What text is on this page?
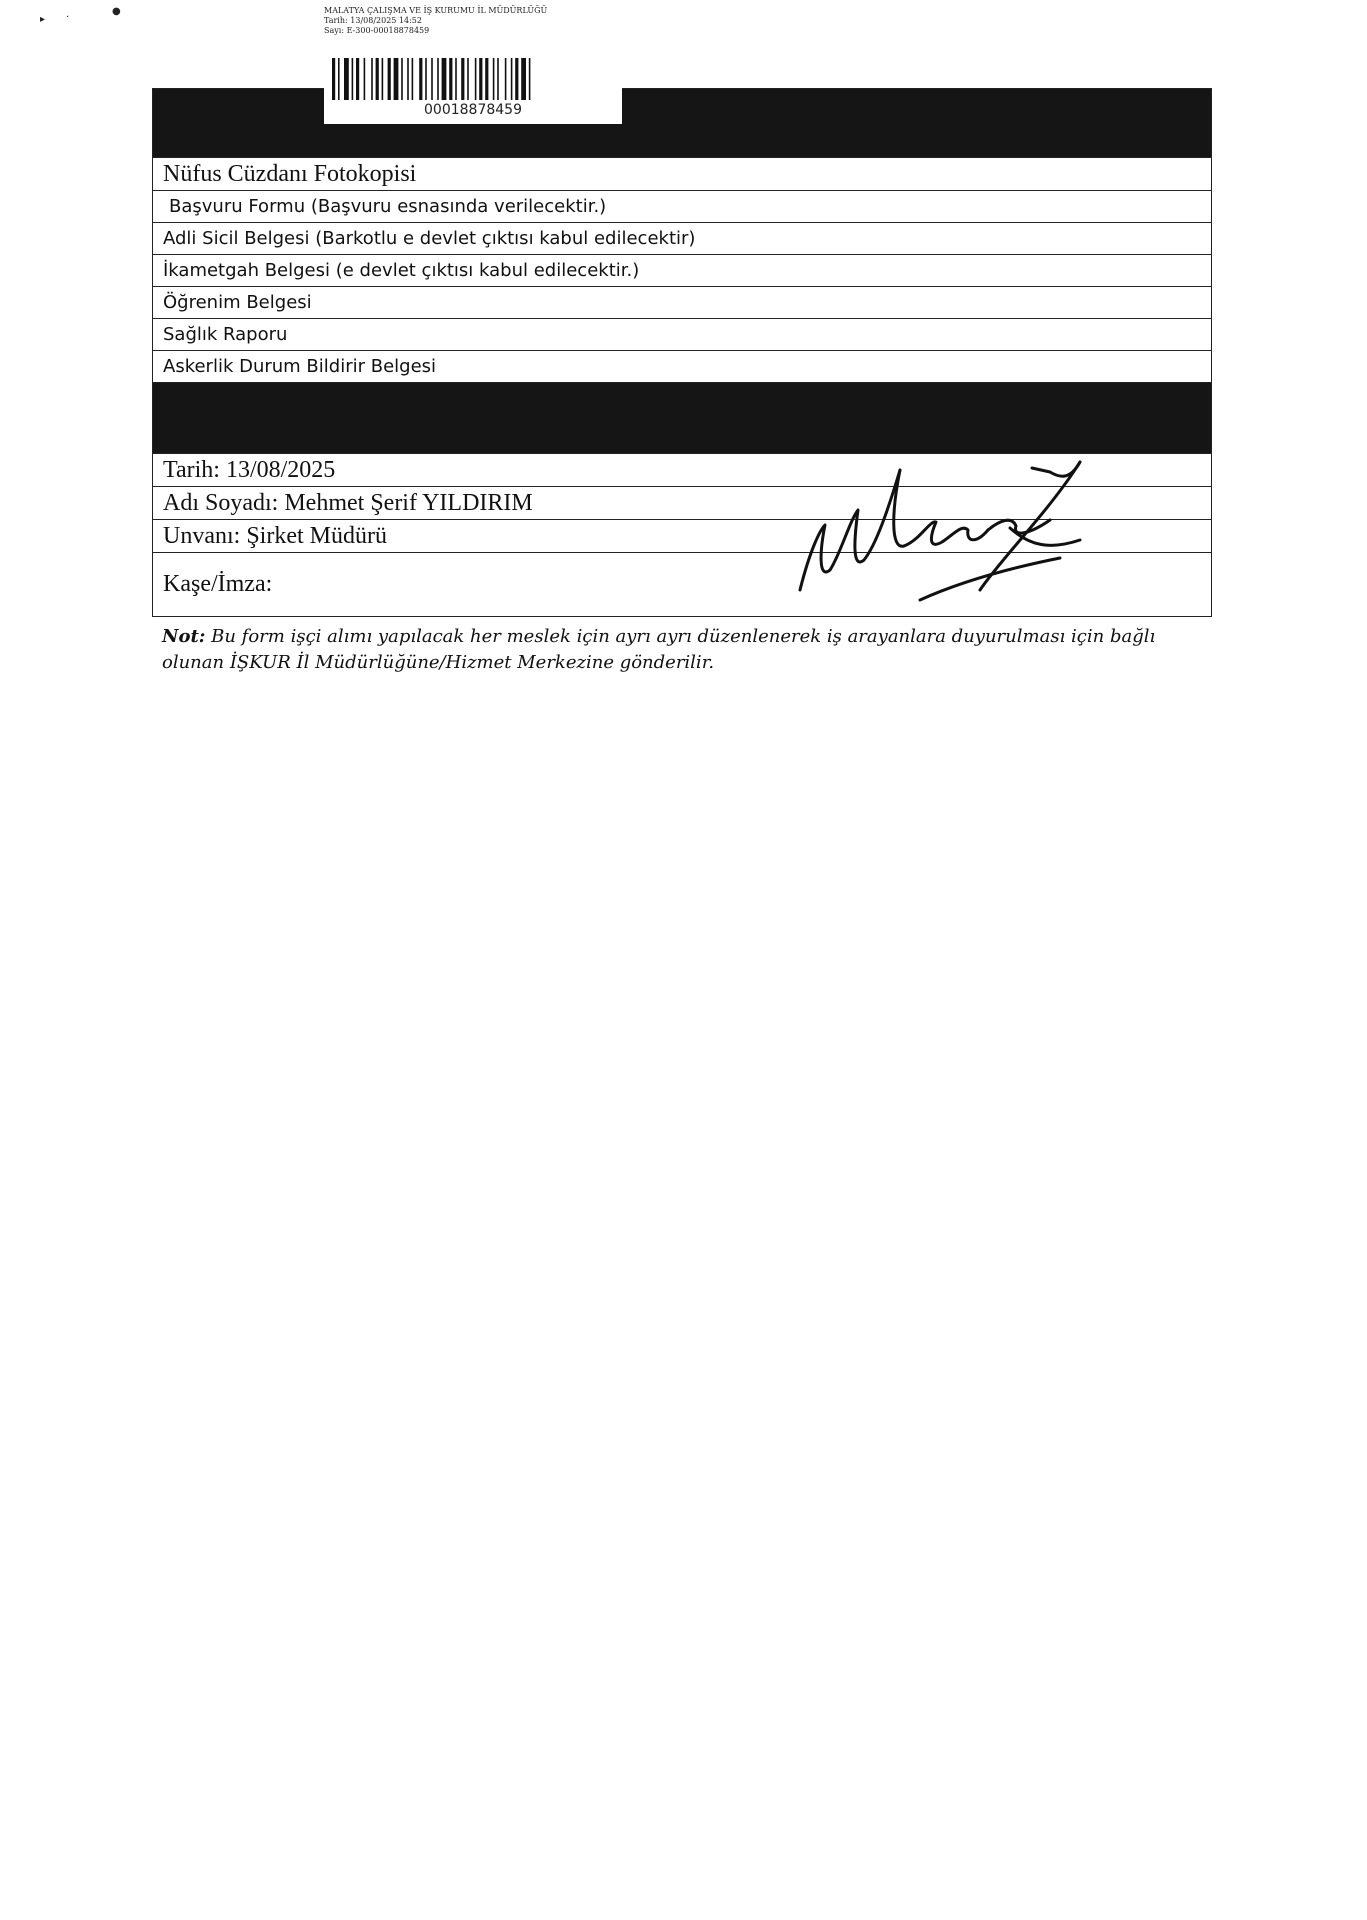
▸ ·
●	MALATYA ÇALIŞMA VE İŞ KURUMU İL MÜDÜRLÜĞÜ
Tarih: 13/08/2025 14:52
Sayı: E-300-00018878459
00018878459
Nüfus Cüzdanı Fotokopisi
Başvuru Formu (Başvuru esnasında verilecektir.)
Adli Sicil Belgesi (Barkotlu e devlet çıktısı kabul edilecektir)
İkametgah Belgesi (e devlet çıktısı kabul edilecektir.)
Öğrenim Belgesi
Sağlık Raporu
Askerlik Durum Bildirir Belgesi
Tarih: 13/08/2025
Adı Soyadı: Mehmet Şerif YILDIRIM
Unvanı: Şirket Müdürü
Kaşe/İmza:
Not: Bu form işçi alımı yapılacak her meslek için ayrı ayrı düzenlenerek iş arayanlara duyurulması için bağlı olunan İŞKUR İl Müdürlüğüne/Hizmet Merkezine gönderilir.
